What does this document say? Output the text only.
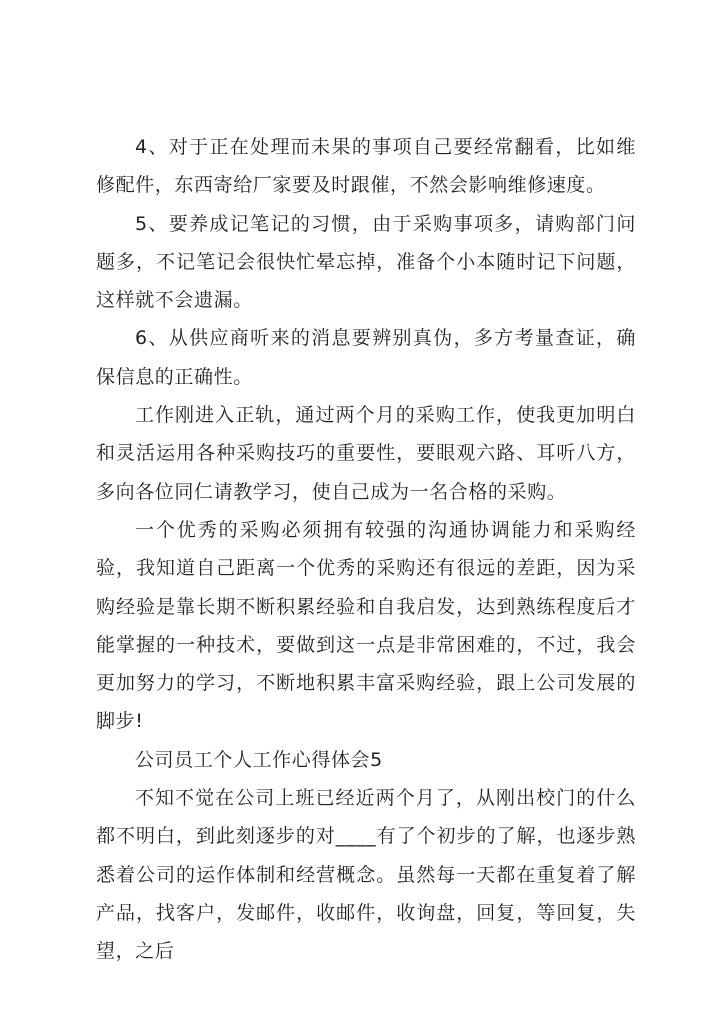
4、对于正在处理而未果的事项自己要经常翻看，比如维修配件，东西寄给厂家要及时跟催，不然会影响维修速度。

5、要养成记笔记的习惯，由于采购事项多，请购部门问题多，不记笔记会很快忙晕忘掉，准备个小本随时记下问题，这样就不会遗漏。

6、从供应商听来的消息要辨别真伪，多方考量查证，确保信息的正确性。

工作刚进入正轨，通过两个月的采购工作，使我更加明白和灵活运用各种采购技巧的重要性，要眼观六路、耳听八方，多向各位同仁请教学习，使自己成为一名合格的采购。

一个优秀的采购必须拥有较强的沟通协调能力和采购经验，我知道自己距离一个优秀的采购还有很远的差距，因为采购经验是靠长期不断积累经验和自我启发，达到熟练程度后才能掌握的一种技术，要做到这一点是非常困难的，不过，我会更加努力的学习，不断地积累丰富采购经验，跟上公司发展的脚步!

公司员工个人工作心得体会5

不知不觉在公司上班已经近两个月了，从刚出校门的什么都不明白，到此刻逐步的对____有了个初步的了解，也逐步熟悉着公司的运作体制和经营概念。虽然每一天都在重复着了解产品，找客户，发邮件，收邮件，收询盘，回复，等回复，失望，之后
